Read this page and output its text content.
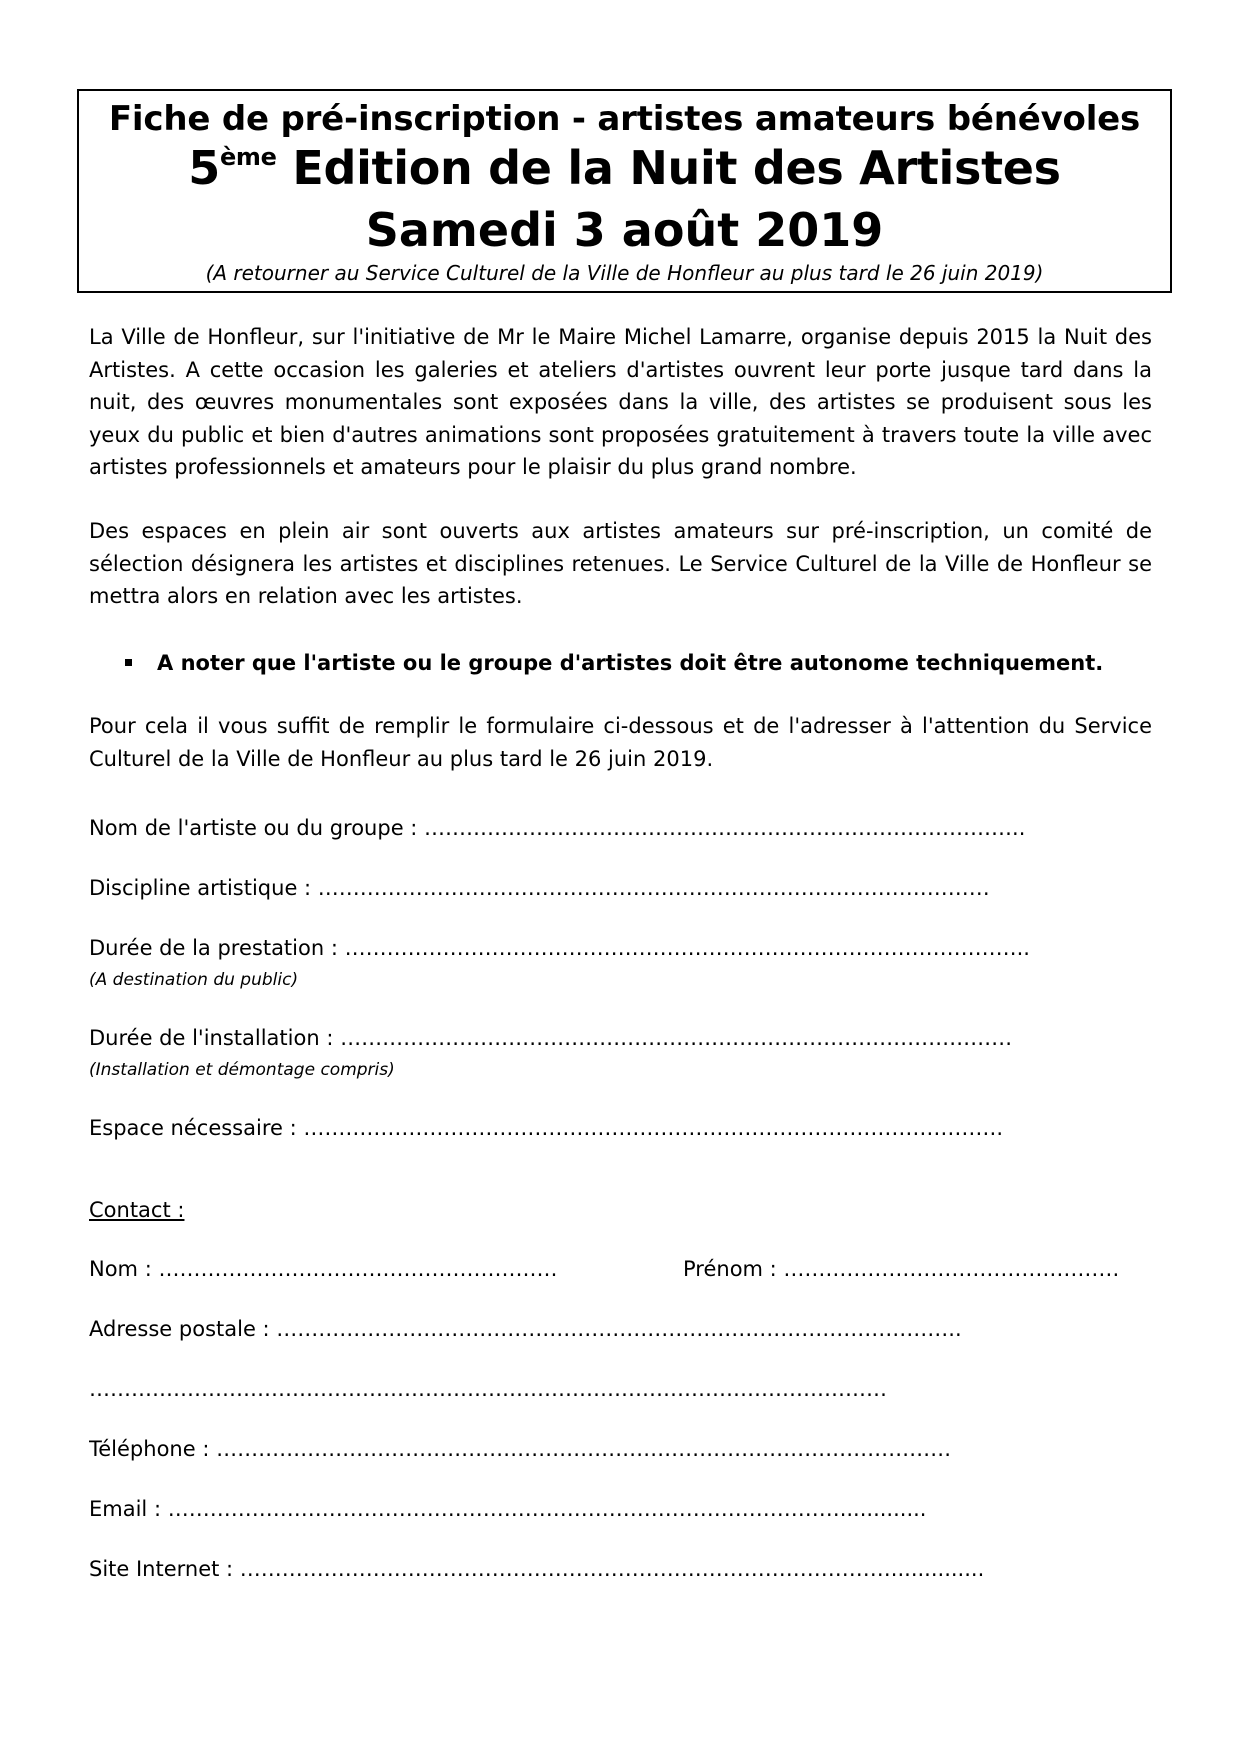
Fiche de pré-inscription - artistes amateurs bénévoles
5ème Edition de la Nuit des Artistes
Samedi 3 août 2019
(A retourner au Service Culturel de la Ville de Honfleur au plus tard le 26 juin 2019)

La Ville de Honfleur, sur l'initiative de Mr le Maire Michel Lamarre, organise depuis 2015 la Nuit des Artistes. A cette occasion les galeries et ateliers d'artistes ouvrent leur porte jusque tard dans la nuit, des œuvres monumentales sont exposées dans la ville, des artistes se produisent sous les yeux du public et bien d'autres animations sont proposées gratuitement à travers toute la ville avec artistes professionnels et amateurs pour le plaisir du plus grand nombre.

Des espaces en plein air sont ouverts aux artistes amateurs sur pré-inscription, un comité de sélection désignera les artistes et disciplines retenues. Le Service Culturel de la Ville de Honfleur se mettra alors en relation avec les artistes.

A noter que l'artiste ou le groupe d'artistes doit être autonome techniquement.

Pour cela il vous suffit de remplir le formulaire ci-dessous et de l'adresser à l'attention du Service Culturel de la Ville de Honfleur au plus tard le 26 juin 2019.

Nom de l'artiste ou du groupe : …………………………………………………………………………..
Discipline artistique : ……………………………………………………………………………………
Durée de la prestation : ……………………………………………………………………………………..
(A destination du public)
Durée de l'installation : ……………………………………………………………………………………
(Installation et démontage compris)
Espace nécessaire : ……………………………………………………………………………………….
Contact :
Nom : …………………………………………………	Prénom : …………………………………………
Adresse postale : ……………………………………………………………………………………..
……………………………………………………………………………………………………
Téléphone : ……………………………………………………………………………………………
Email : …………………………………………………………………………………….............
Site Internet : …………………………………………………………………………………..............
